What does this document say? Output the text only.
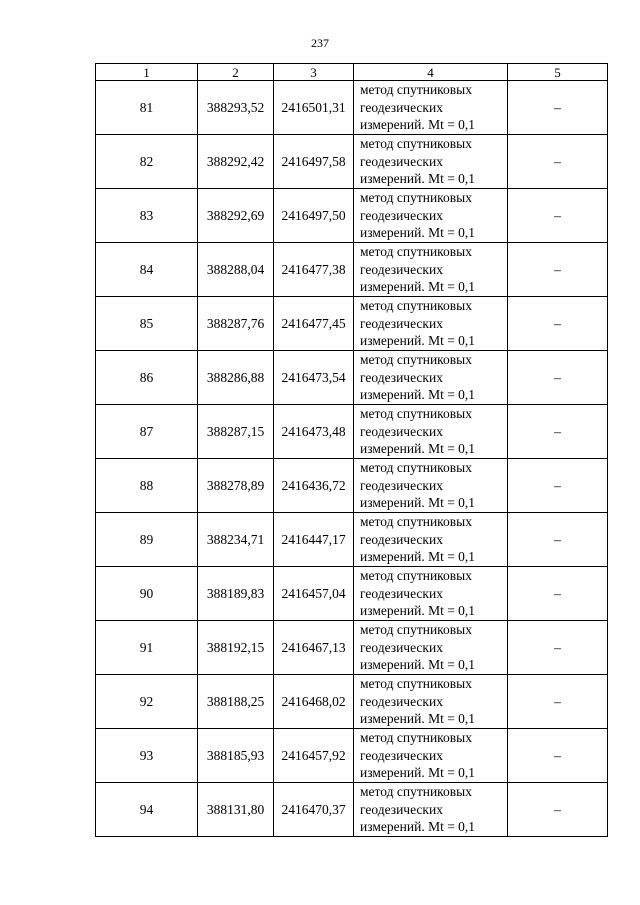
237
1	2	3	4	5
81	388293,52	2416501,31	метод спутниковых
геодезических
измерений. Mt = 0,1	–
82	388292,42	2416497,58	метод спутниковых
геодезических
измерений. Mt = 0,1	–
83	388292,69	2416497,50	метод спутниковых
геодезических
измерений. Mt = 0,1	–
84	388288,04	2416477,38	метод спутниковых
геодезических
измерений. Mt = 0,1	–
85	388287,76	2416477,45	метод спутниковых
геодезических
измерений. Mt = 0,1	–
86	388286,88	2416473,54	метод спутниковых
геодезических
измерений. Mt = 0,1	–
87	388287,15	2416473,48	метод спутниковых
геодезических
измерений. Mt = 0,1	–
88	388278,89	2416436,72	метод спутниковых
геодезических
измерений. Mt = 0,1	–
89	388234,71	2416447,17	метод спутниковых
геодезических
измерений. Mt = 0,1	–
90	388189,83	2416457,04	метод спутниковых
геодезических
измерений. Mt = 0,1	–
91	388192,15	2416467,13	метод спутниковых
геодезических
измерений. Mt = 0,1	–
92	388188,25	2416468,02	метод спутниковых
геодезических
измерений. Mt = 0,1	–
93	388185,93	2416457,92	метод спутниковых
геодезических
измерений. Mt = 0,1	–
94	388131,80	2416470,37	метод спутниковых
геодезических
измерений. Mt = 0,1	–
